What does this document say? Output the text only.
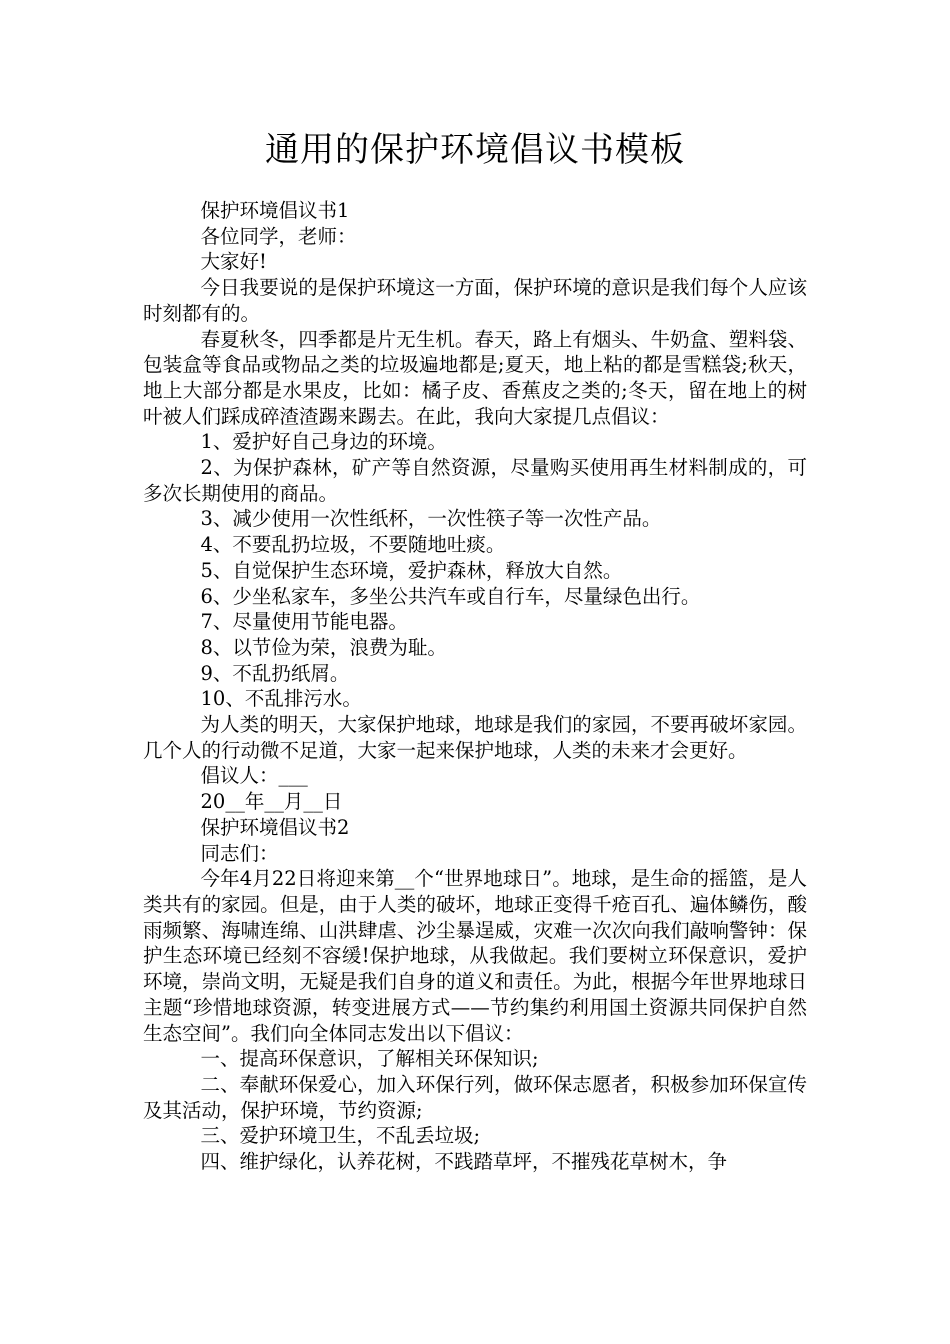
通用的保护环境倡议书模板

保护环境倡议书1

各位同学，老师：

大家好!

今日我要说的是保护环境这一方面，保护环境的意识是我们每个人应该时刻都有的。

春夏秋冬，四季都是片无生机。春天，路上有烟头、牛奶盒、塑料袋、包装盒等食品或物品之类的垃圾遍地都是;夏天，地上粘的都是雪糕袋;秋天，地上大部分都是水果皮，比如：橘子皮、香蕉皮之类的;冬天，留在地上的树叶被人们踩成碎渣渣踢来踢去。在此，我向大家提几点倡议：

1、爱护好自己身边的环境。

2、为保护森林，矿产等自然资源，尽量购买使用再生材料制成的，可多次长期使用的商品。

3、减少使用一次性纸杯，一次性筷子等一次性产品。

4、不要乱扔垃圾，不要随地吐痰。

5、自觉保护生态环境，爱护森林，释放大自然。

6、少坐私家车，多坐公共汽车或自行车，尽量绿色出行。

7、尽量使用节能电器。

8、以节俭为荣，浪费为耻。

9、不乱扔纸屑。

10、不乱排污水。

为人类的明天，大家保护地球，地球是我们的家园，不要再破坏家园。几个人的行动微不足道，大家一起来保护地球，人类的未来才会更好。

倡议人：___

20__年__月__日

保护环境倡议书2

同志们：

今年4月22日将迎来第__个“世界地球日”。地球，是生命的摇篮，是人类共有的家园。但是，由于人类的破坏，地球正变得千疮百孔、遍体鳞伤，酸雨频繁、海啸连绵、山洪肆虐、沙尘暴逞威，灾难一次次向我们敲响警钟：保护生态环境已经刻不容缓!保护地球，从我做起。我们要树立环保意识，爱护环境，崇尚文明，无疑是我们自身的道义和责任。为此，根据今年世界地球日主题“珍惜地球资源，转变进展方式——节约集约利用国土资源共同保护自然生态空间”。我们向全体同志发出以下倡议：

一、提高环保意识，了解相关环保知识;

二、奉献环保爱心，加入环保行列，做环保志愿者，积极参加环保宣传及其活动，保护环境，节约资源;

三、爱护环境卫生，不乱丢垃圾;

四、维护绿化，认养花树，不践踏草坪，不摧残花草树木，争
